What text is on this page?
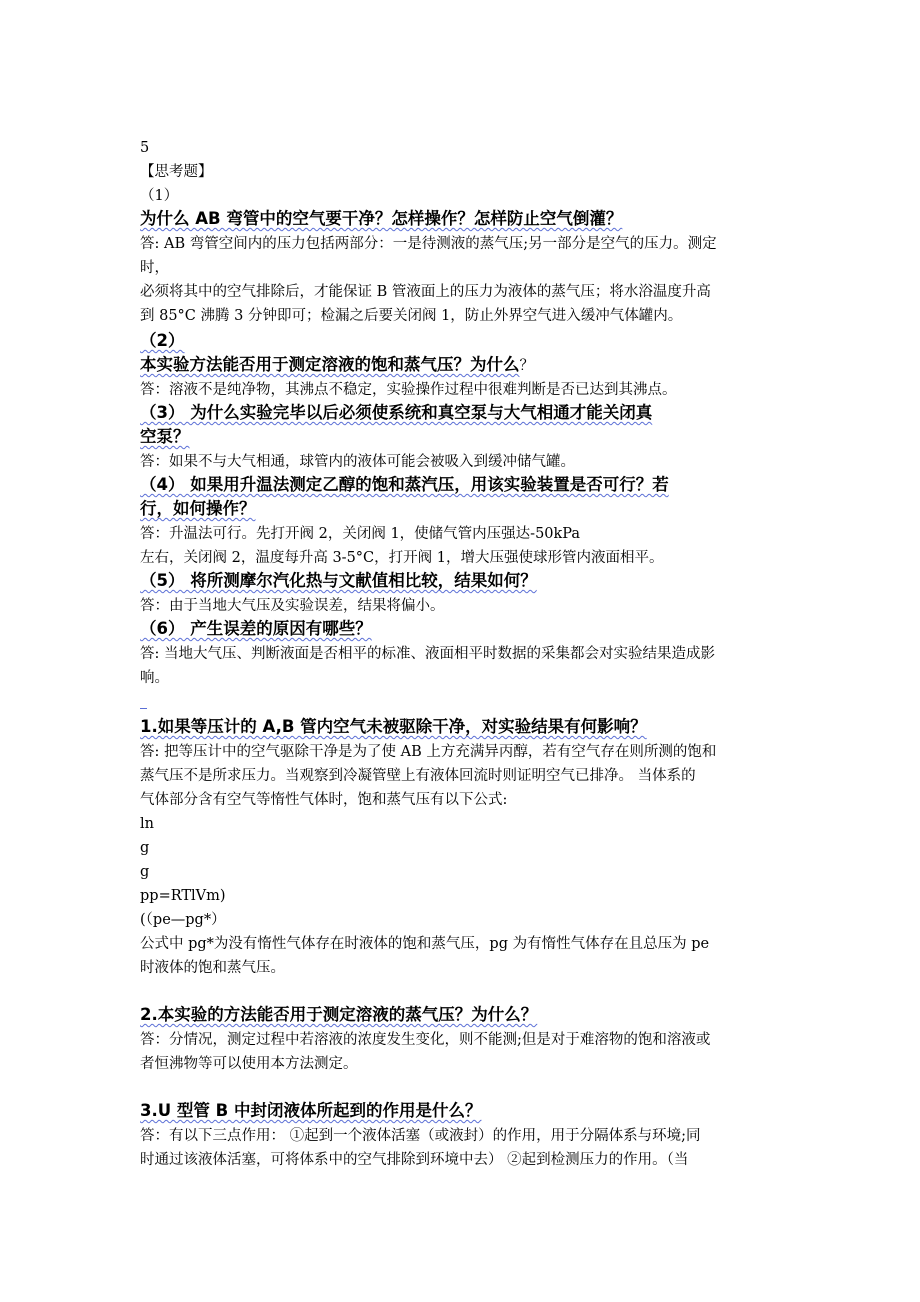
5
【思考题】
（1）
为什么 AB 弯管中的空气要干净？怎样操作？怎样防止空气倒灌？
答: AB 弯管空间内的压力包括两部分：一是待测液的蒸气压;另一部分是空气的压力。测定
时，
必须将其中的空气排除后，才能保证 B 管液面上的压力为液体的蒸气压；将水浴温度升高
到 85°C 沸腾 3 分钟即可；检漏之后要关闭阀 1，防止外界空气进入缓冲气体罐内。
（2）
本实验方法能否用于测定溶液的饱和蒸气压？为什么？
答：溶液不是纯净物，其沸点不稳定，实验操作过程中很难判断是否已达到其沸点。
（3） 为什么实验完毕以后必须使系统和真空泵与大气相通才能关闭真
空泵？
答：如果不与大气相通，球管内的液体可能会被吸入到缓冲储气罐。
（4） 如果用升温法测定乙醇的饱和蒸汽压，用该实验装置是否可行？若
行，如何操作？
答：升温法可行。先打开阀 2，关闭阀 1，使储气管内压强达-50kPa
左右，关闭阀 2，温度每升高 3-5°C，打开阀 1，增大压强使球形管内液面相平。
（5） 将所测摩尔汽化热与文献值相比较，结果如何？
答：由于当地大气压及实验误差，结果将偏小。
（6） 产生误差的原因有哪些？
答: 当地大气压、判断液面是否相平的标准、液面相平时数据的采集都会对实验结果造成影
响。
1.如果等压计的 A,B 管内空气未被驱除干净，对实验结果有何影响？
答: 把等压计中的空气驱除干净是为了使 AB 上方充满异丙醇，若有空气存在则所测的饱和
蒸气压不是所求压力。当观察到冷凝管壁上有液体回流时则证明空气已排净。 当体系的
气体部分含有空气等惰性气体时，饱和蒸气压有以下公式:
ln
g
g
pp=RTlVm)
(（pe—pg*）
公式中 pg*为没有惰性气体存在时液体的饱和蒸气压，pg 为有惰性气体存在且总压为 pe
时液体的饱和蒸气压。
2.本实验的方法能否用于测定溶液的蒸气压？为什么？
答：分情况，测定过程中若溶液的浓度发生变化，则不能测;但是对于难溶物的饱和溶液或
者恒沸物等可以使用本方法测定。
3.U 型管 B 中封闭液体所起到的作用是什么？
答：有以下三点作用： ①起到一个液体活塞（或液封）的作用，用于分隔体系与环境;同
时通过该液体活塞，可将体系中的空气排除到环境中去） ②起到检测压力的作用。（当
